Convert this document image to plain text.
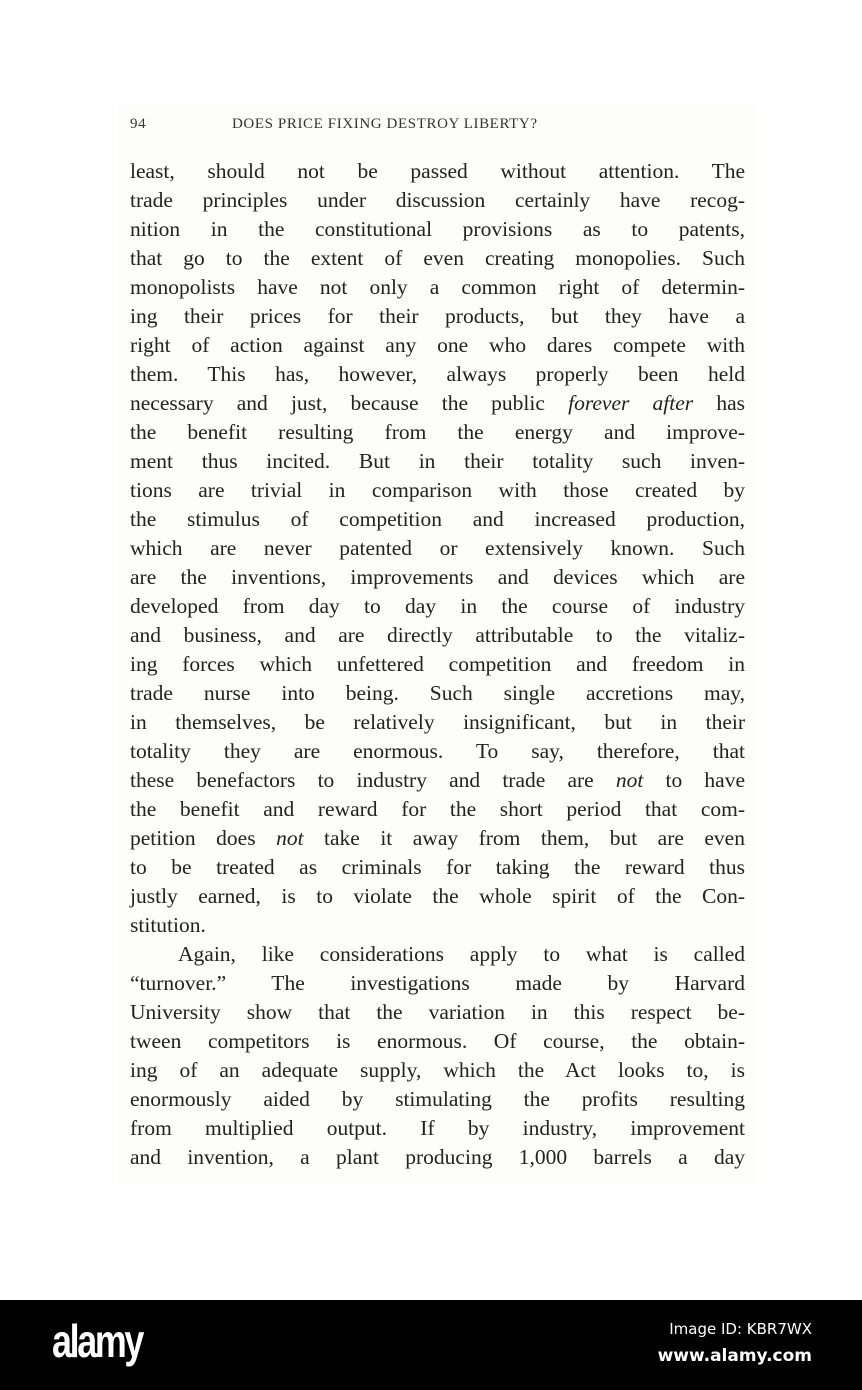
94	DOES PRICE FIXING DESTROY LIBERTY?
least, should not be passed without attention. The
trade principles under discussion certainly have recog-
nition in the constitutional provisions as to patents,
that go to the extent of even creating monopolies. Such
monopolists have not only a common right of determin-
ing their prices for their products, but they have a
right of action against any one who dares compete with
them. This has, however, always properly been held
necessary and just, because the public forever after has
the benefit resulting from the energy and improve-
ment thus incited. But in their totality such inven-
tions are trivial in comparison with those created by
the stimulus of competition and increased production,
which are never patented or extensively known. Such
are the inventions, improvements and devices which are
developed from day to day in the course of industry
and business, and are directly attributable to the vitaliz-
ing forces which unfettered competition and freedom in
trade nurse into being. Such single accretions may,
in themselves, be relatively insignificant, but in their
totality they are enormous. To say, therefore, that
these benefactors to industry and trade are not to have
the benefit and reward for the short period that com-
petition does not take it away from them, but are even
to be treated as criminals for taking the reward thus
justly earned, is to violate the whole spirit of the Con-
stitution.
Again, like considerations apply to what is called
“turnover.” The investigations made by Harvard
University show that the variation in this respect be-
tween competitors is enormous. Of course, the obtain-
ing of an adequate supply, which the Act looks to, is
enormously aided by stimulating the profits resulting
from multiplied output. If by industry, improvement
and invention, a plant producing 1,000 barrels a day
alamy	Image ID: KBR7WX
www.alamy.com
